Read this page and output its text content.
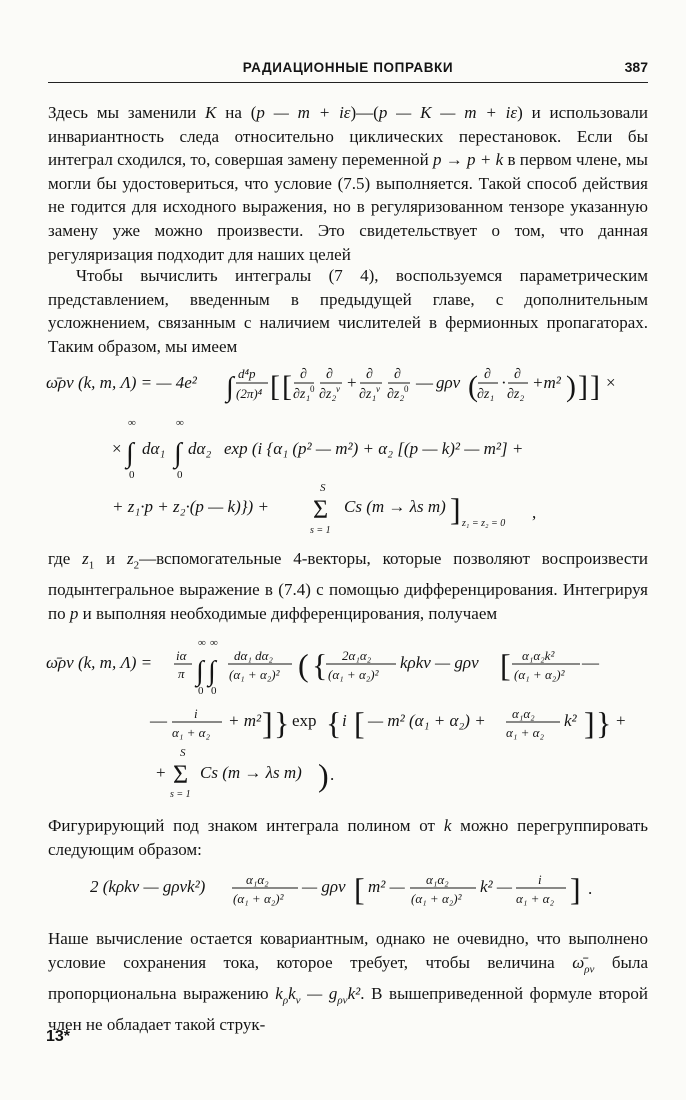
РАДИАЦИОННЫЕ ПОПРАВКИ	387

Здесь мы заменили K на (p — m + iε)—(p — K — m + iε) и использовали инвариантность следа относительно циклических перестановок. Если бы интеграл сходился, то, совершая замену переменной p → p + k в первом члене, мы могли бы удостовериться, что условие (7.5) выполняется. Такой способ действия не годится для исходного выражения, но в регуляризованном тензоре указанную замену уже можно произвести. Это свидетельствует о том, что данная регуляризация подходит для наших целей

Чтобы вычислить интегралы (7 4), воспользуемся параметрическим представлением, введенным в предыдущей главе, с дополнительным усложнением, связанным с наличием числителей в фермионных пропагаторах. Таким образом, мы имеем

ω̄ρν (k, m, Λ) = — 4e² ∫ d⁴p
(2π)⁴ [ [ ∂
∂z₁ 0
∂
∂z₂ ν + ∂
∂z₁ ν
∂
∂z₂ 0 — gρν ( ∂
∂z₁
· ∂
∂z₂
+m² ) ] ] ×
×
∞
∫
0
dα₁
∞
∫
0
dα₂ exp (i {α₁ (p² — m²) + α₂ [(p — k)² — m²] +
+ z₁·p + z₂·(p — k)}) +
S
Σ
s = 1
Cs (m → λs m) ] z₁ = z₂ = 0
,

где $z_1$ и $z_2—вспомогательные$ 4-векторы, которые позволяют воспроизвести подынтегральное выражение в (7.4) с помощью дифференцирования. Интегрируя по p и выполняя необходимые дифференцирования, получаем

ω̄ρν (k, m, Λ) = iα
π
∞ ∞
∫ ∫
0 0
dα₁ dα₂
(α₁ + α₂)² ( { 2α₁α₂
(α₁ + α₂)²
kρkν — gρν [ α₁α₂k²
(α₁ + α₂)²
—
— i
α₁ + α₂
+ m² ] } exp { i [ — m² (α₁ + α₂) + α₁α₂
α₁ + α₂
k² ] } +
+
S
Σ
s = 1
Cs (m → λs m) ) .

Фигурирующий под знаком интеграла полином от k можно перегруппировать следующим образом:

2 (kρkν — gρνk²)	α₁α₂
(α₁ + α₂)²
— gρν [ m² — α₁α₂
(α₁ + α₂)²
k² — i
α₁ + α₂ ] .

Наше вычисление остается ковариантным, однако не очевидно, что выполнено условие сохранения тока, которое требует, чтобы величина $\omegā_{\rho\nu}$ была пропорциональна выражению $k_\rho k_\nu$ — $g_{\rho\nu}k^2$. В вышеприведенной формуле второй член не обладает такой струк-

13*
